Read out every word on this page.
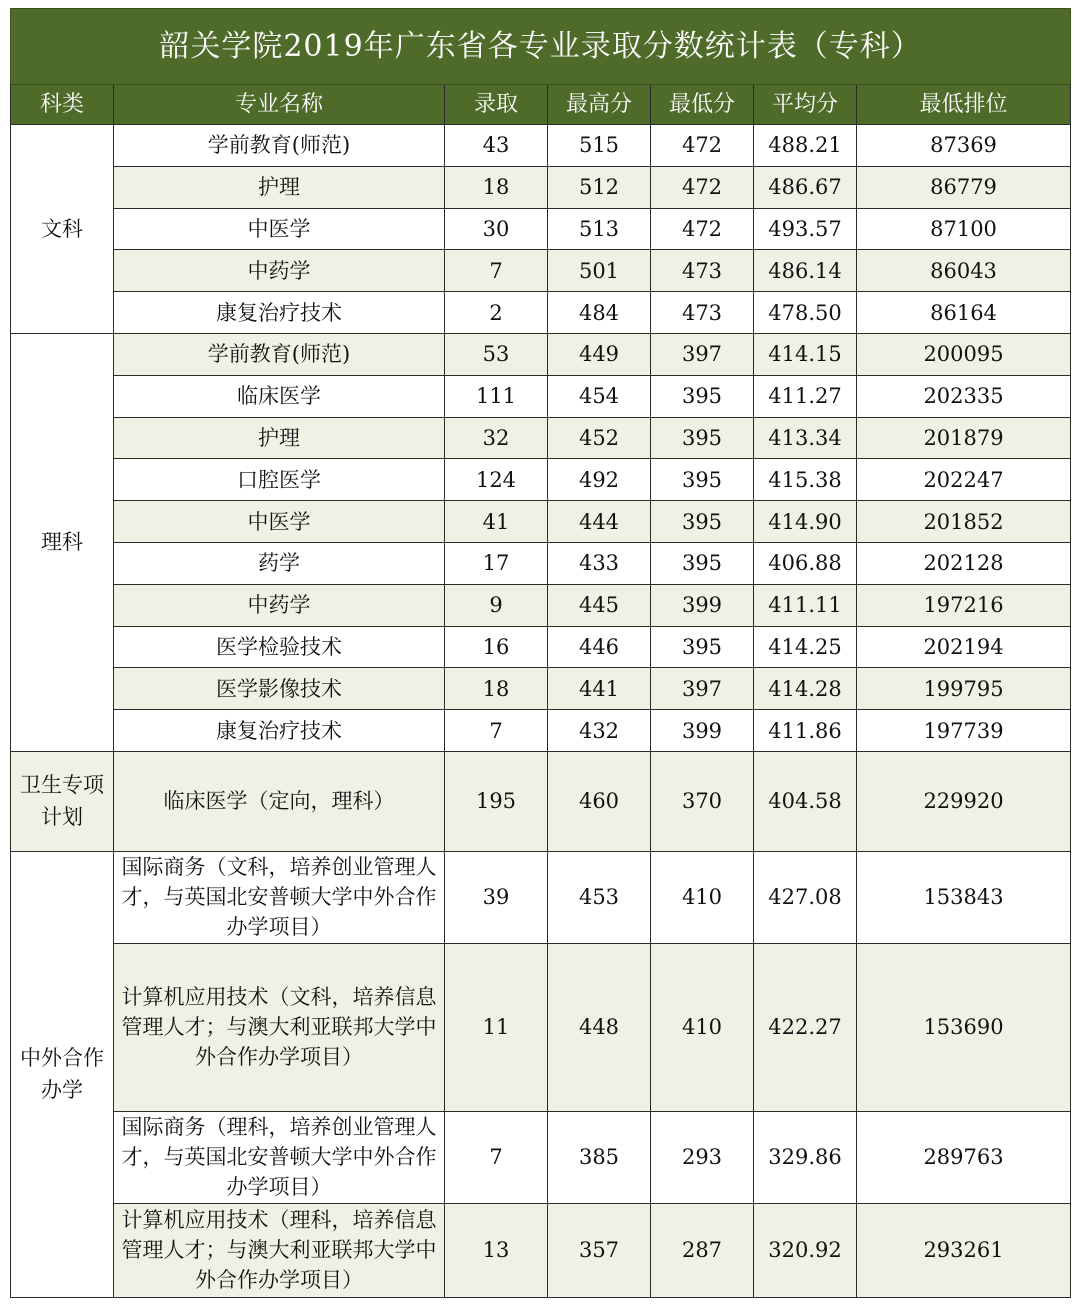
韶关学院2019年广东省各专业录取分数统计表（专科）						
科类	专业名称	录取	最高分	最低分	平均分	最低排位
文科	学前教育(师范)	43	515	472	488.21	87369
	护理	18	512	472	486.67	86779
	中医学	30	513	472	493.57	87100
	中药学	7	501	473	486.14	86043
	康复治疗技术	2	484	473	478.50	86164
理科	学前教育(师范)	53	449	397	414.15	200095
	临床医学	111	454	395	411.27	202335
	护理	32	452	395	413.34	201879
	口腔医学	124	492	395	415.38	202247
	中医学	41	444	395	414.90	201852
	药学	17	433	395	406.88	202128
	中药学	9	445	399	411.11	197216
	医学检验技术	16	446	395	414.25	202194
	医学影像技术	18	441	397	414.28	199795
	康复治疗技术	7	432	399	411.86	197739
卫生专项计划	临床医学（定向，理科）	195	460	370	404.58	229920
中外合作办学	国际商务（文科，培养创业管理人才，与英国北安普顿大学中外合作办学项目）	39	453	410	427.08	153843
	计算机应用技术（文科，培养信息管理人才；与澳大利亚联邦大学中外合作办学项目）	11	448	410	422.27	153690
	国际商务（理科，培养创业管理人才，与英国北安普顿大学中外合作办学项目）	7	385	293	329.86	289763
	计算机应用技术（理科，培养信息管理人才；与澳大利亚联邦大学中外合作办学项目）	13	357	287	320.92	293261
